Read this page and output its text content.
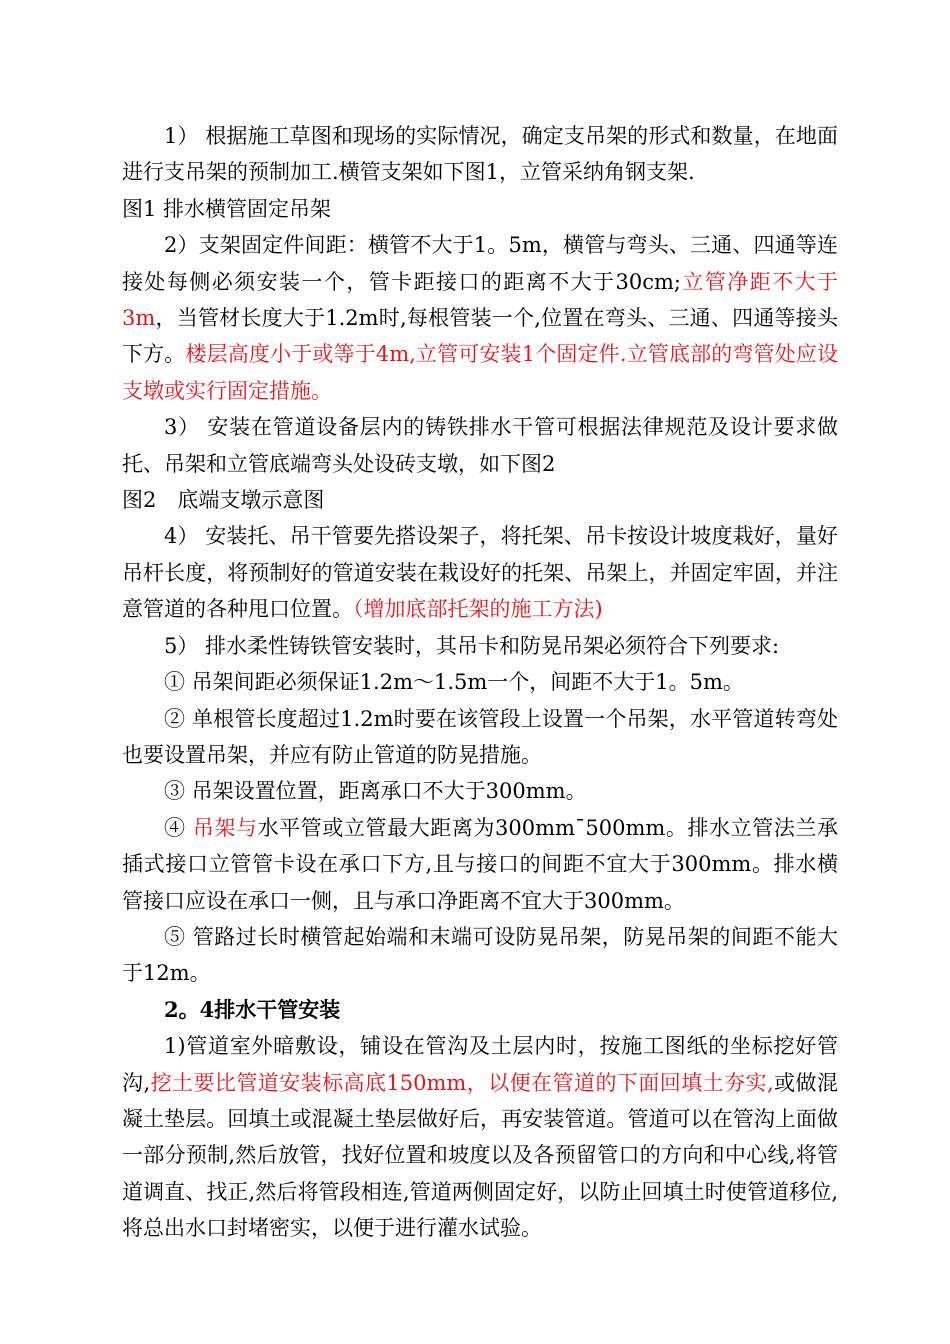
1） 根据施工草图和现场的实际情况，确定支吊架的形式和数量，在地面进行支吊架的预制加工.横管支架如下图1，立管采纳角钢支架.

图1 排水横管固定吊架

2）支架固定件间距：横管不大于1。5m，横管与弯头、三通、四通等连接处每侧必须安装一个，管卡距接口的距离不大于30cm;立管净距不大于3m，当管材长度大于1.2m时,每根管装一个,位置在弯头、三通、四通等接头下方。楼层高度小于或等于4m,立管可安装1个固定件.立管底部的弯管处应设支墩或实行固定措施。

3） 安装在管道设备层内的铸铁排水干管可根据法律规范及设计要求做托、吊架和立管底端弯头处设砖支墩，如下图2

图2　底端支墩示意图

4） 安装托、吊干管要先搭设架子，将托架、吊卡按设计坡度栽好，量好吊杆长度，将预制好的管道安装在栽设好的托架、吊架上，并固定牢固，并注意管道的各种甩口位置。（增加底部托架的施工方法)

5） 排水柔性铸铁管安装时，其吊卡和防晃吊架必须符合下列要求:

① 吊架间距必须保证1.2m～1.5m一个，间距不大于1。5m。

② 单根管长度超过1.2m时要在该管段上设置一个吊架，水平管道转弯处也要设置吊架，并应有防止管道的防晃措施。

③ 吊架设置位置，距离承口不大于300mm。

④ 吊架与水平管或立管最大距离为300mm¯500mm。排水立管法兰承插式接口立管管卡设在承口下方,且与接口的间距不宜大于300mm。排水横管接口应设在承口一侧，且与承口净距离不宜大于300mm。

⑤ 管路过长时横管起始端和末端可设防晃吊架，防晃吊架的间距不能大于12m。

2。4排水干管安装

1)管道室外暗敷设，铺设在管沟及土层内时，按施工图纸的坐标挖好管沟,挖土要比管道安装标高底150mm，以便在管道的下面回填土夯实,或做混凝土垫层。回填土或混凝土垫层做好后，再安装管道。管道可以在管沟上面做一部分预制,然后放管，找好位置和坡度以及各预留管口的方向和中心线,将管道调直、找正,然后将管段相连,管道两侧固定好，以防止回填土时使管道移位,将总出水口封堵密实，以便于进行灌水试验。
